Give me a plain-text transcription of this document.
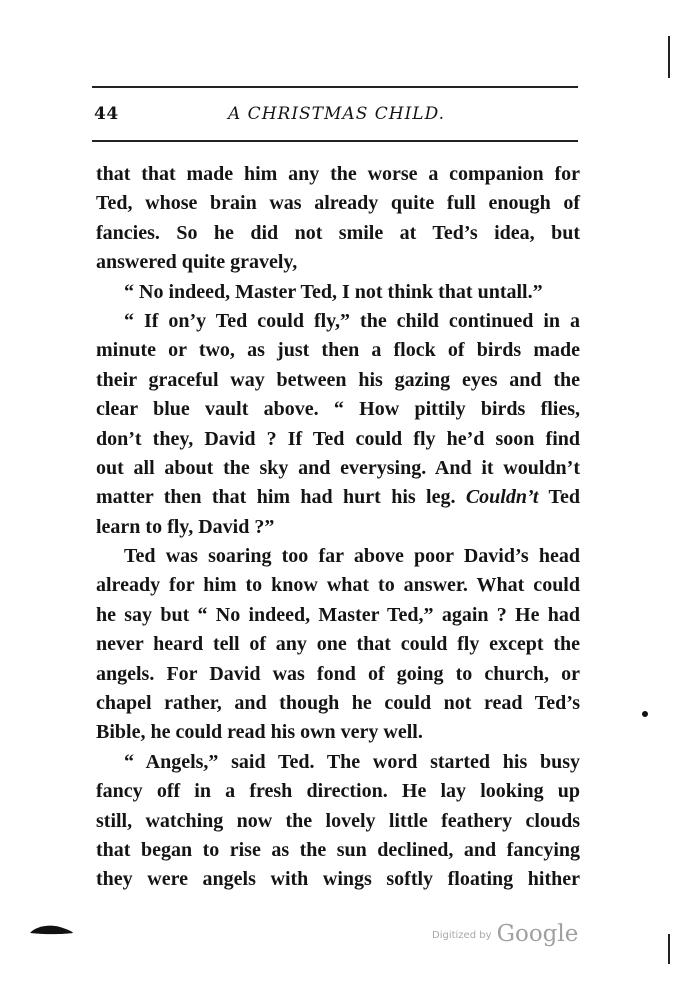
44	A CHRISTMAS CHILD.
that that made him any the worse a companion for
Ted, whose brain was already quite full enough of
fancies. So he did not smile at Ted’s idea, but
answered quite gravely,
“ No indeed, Master Ted, I not think that untall.”
“ If on’y Ted could fly,” the child continued in a
minute or two, as just then a flock of birds made
their graceful way between his gazing eyes and the
clear blue vault above. “ How pittily birds flies,
don’t they, David ? If Ted could fly he’d soon find
out all about the sky and everysing. And it wouldn’t
matter then that him had hurt his leg. Couldn’t Ted
learn to fly, David ?”
Ted was soaring too far above poor David’s head
already for him to know what to answer. What could
he say but “ No indeed, Master Ted,” again ? He had
never heard tell of any one that could fly except the
angels. For David was fond of going to church, or
chapel rather, and though he could not read Ted’s
Bible, he could read his own very well.
“ Angels,” said Ted. The word started his busy
fancy off in a fresh direction. He lay looking up
still, watching now the lovely little feathery clouds
that began to rise as the sun declined, and fancying
they were angels with wings softly floating hither
Digitized by Google
